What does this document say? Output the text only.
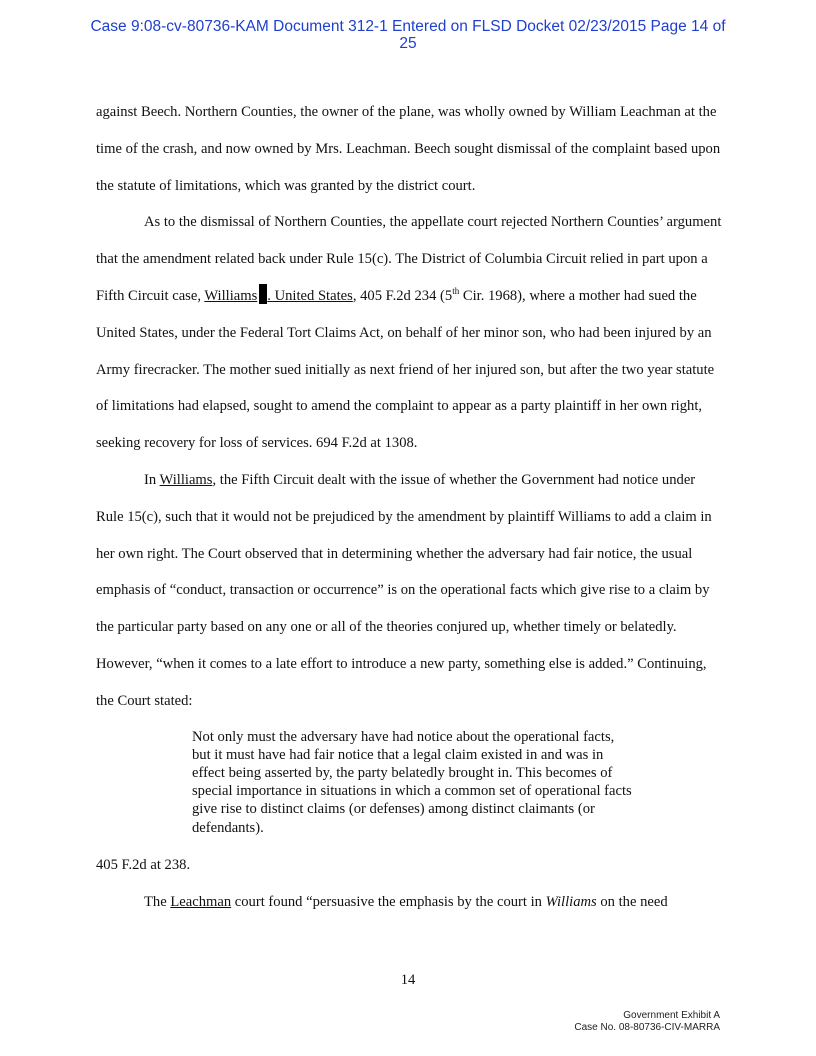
Case 9:08-cv-80736-KAM Document 312-1 Entered on FLSD Docket 02/23/2015 Page 14 of
25

against Beech. Northern Counties, the owner of the plane, was wholly owned by William Leachman at the time of the crash, and now owned by Mrs. Leachman. Beech sought dismissal of the complaint based upon the statute of limitations, which was granted by the district court.

As to the dismissal of Northern Counties, the appellate court rejected Northern Counties’ argument that the amendment related back under Rule 15(c). The District of Columbia Circuit relied in part upon a Fifth Circuit case, Williams . United States, 405 F.2d 234 (5th Cir. 1968), where a mother had sued the United States, under the Federal Tort Claims Act, on behalf of her minor son, who had been injured by an Army firecracker. The mother sued initially as next friend of her injured son, but after the two year statute of limitations had elapsed, sought to amend the complaint to appear as a party plaintiff in her own right, seeking recovery for loss of services. 694 F.2d at 1308.

In Williams, the Fifth Circuit dealt with the issue of whether the Government had notice under Rule 15(c), such that it would not be prejudiced by the amendment by plaintiff Williams to add a claim in her own right. The Court observed that in determining whether the adversary had fair notice, the usual emphasis of “conduct, transaction or occurrence” is on the operational facts which give rise to a claim by the particular party based on any one or all of the theories conjured up, whether timely or belatedly. However, “when it comes to a late effort to introduce a new party, something else is added.” Continuing, the Court stated:

Not only must the adversary have had notice about the operational facts, but it must have had fair notice that a legal claim existed in and was in effect being asserted by, the party belatedly brought in. This becomes of special importance in situations in which a common set of operational facts give rise to distinct claims (or defenses) among distinct claimants (or defendants).

405 F.2d at 238.

The Leachman court found “persuasive the emphasis by the court in Williams on the need

14
Government Exhibit A
Case No. 08-80736-CIV-MARRA
